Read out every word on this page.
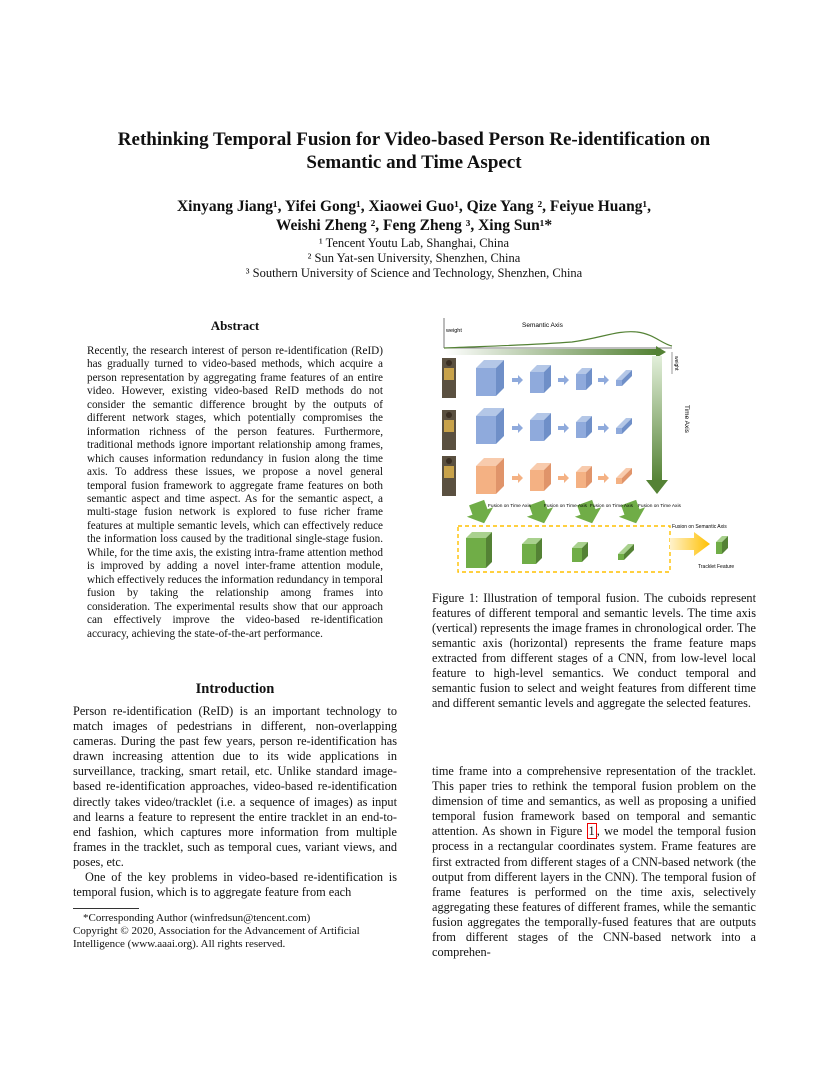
Rethinking Temporal Fusion for Video-based Person Re-identification on Semantic and Time Aspect
Xinyang Jiang¹, Yifei Gong¹, Xiaowei Guo¹, Qize Yang ², Feiyue Huang¹,
Weishi Zheng ², Feng Zheng ³, Xing Sun¹*
¹ Tencent Youtu Lab, Shanghai, China
² Sun Yat-sen University, Shenzhen, China
³ Southern University of Science and Technology, Shenzhen, China
Abstract

Recently, the research interest of person re-identification (ReID) has gradually turned to video-based methods, which acquire a person representation by aggregating frame features of an entire video. However, existing video-based ReID methods do not consider the semantic difference brought by the outputs of different network stages, which potentially compromises the information richness of the person features. Furthermore, traditional methods ignore important relationship among frames, which causes information redundancy in fusion along the time axis. To address these issues, we propose a novel general temporal fusion framework to aggregate frame features on both semantic aspect and time aspect. As for the semantic aspect, a multi-stage fusion network is explored to fuse richer frame features at multiple semantic levels, which can effectively reduce the information loss caused by the traditional single-stage fusion. While, for the time axis, the existing intra-frame attention method is improved by adding a novel inter-frame attention module, which effectively reduces the information redundancy in temporal fusion by taking the relationship among frames into consideration. The experimental results show that our approach can effectively improve the video-based re-identification accuracy, achieving the state-of-the-art performance.

Introduction

Person re-identification (ReID) is an important technology to match images of pedestrians in different, non-overlapping cameras. During the past few years, person re-identification has drawn increasing attention due to its wide applications in surveillance, tracking, smart retail, etc. Unlike standard image-based re-identification approaches, video-based re-identification directly takes video/tracklet (i.e. a sequence of images) as input and learns a feature to represent the entire tracklet in an end-to-end fashion, which captures more information from multiple frames in the tracklet, such as temporal cues, variant views, and poses, etc.

One of the key problems in video-based re-identification is temporal fusion, which is to aggregate feature from each

*Corresponding Author (winfredsun@tencent.com)
Copyright © 2020, Association for the Advancement of Artificial Intelligence (www.aaai.org). All rights reserved.
weight
Semantic Axis
Time Axis
weight
Fusion on Time Axis	Fusion on Time Axis Fusion on Time Axis Fusion on Time Axis
Fusion on Semantic Axis
Tracklet Feature

Figure 1: Illustration of temporal fusion. The cuboids represent features of different temporal and semantic levels. The time axis (vertical) represents the image frames in chronological order. The semantic axis (horizontal) represents the frame feature maps extracted from different stages of a CNN, from low-level local feature to high-level semantics. We conduct temporal and semantic fusion to select and weight features from different time and different semantic levels and aggregate the selected features.

time frame into a comprehensive representation of the tracklet. This paper tries to rethink the temporal fusion problem on the dimension of time and semantics, as well as proposing a unified temporal fusion framework based on temporal and semantic attention. As shown in Figure 1 , we model the temporal fusion process in a rectangular coordinates system. Frame features are first extracted from different stages of a CNN-based network (the output from different layers in the CNN). The temporal fusion of frame features is performed on the time axis, selectively aggregating these features of different frames, while the semantic fusion aggregates the temporally-fused features that are outputs from different stages of the CNN-based network into a comprehen-
